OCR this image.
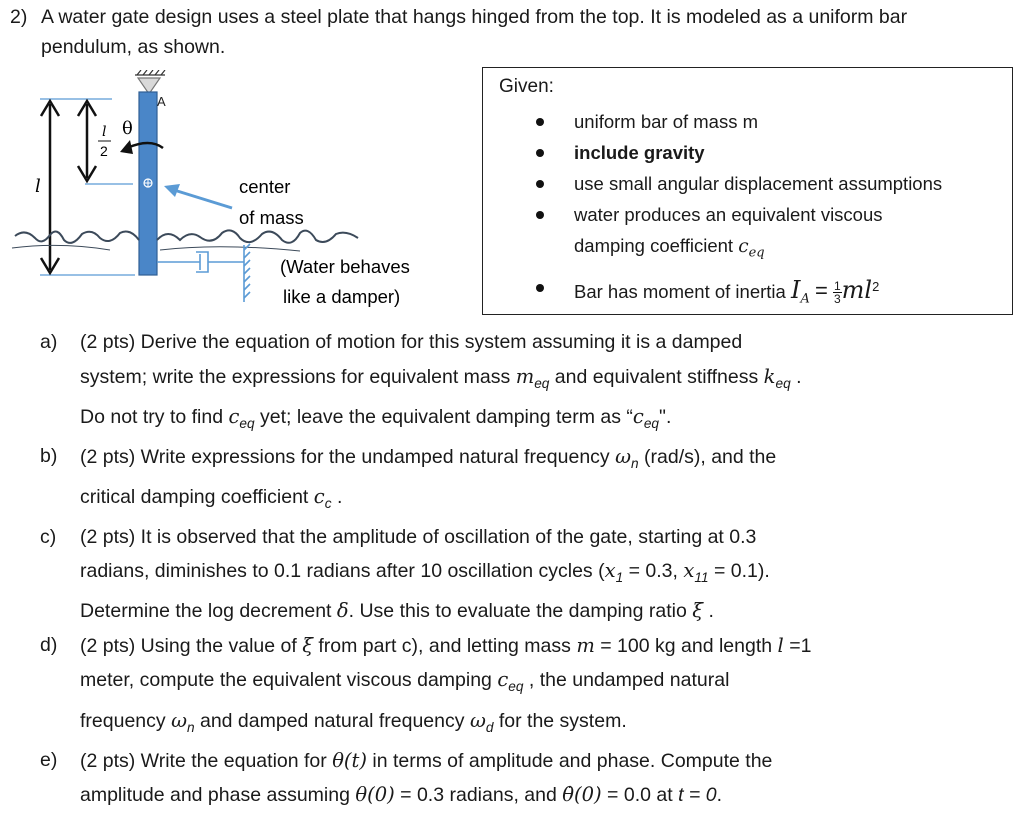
2) A water gate design uses a steel plate that hangs hinged from the top. It is modeled as a uniform bar pendulum, as shown.
A
l
l
2
θ
center
of mass
(Water behaves
like a damper)
Given:
uniform bar of mass m
include gravity
use small angular displacement assumptions
water produces an equivalent viscous
damping coefficient $c_{eq}$
Bar has moment of inertia $I_A = \frac{1}{3}ml^2$
a) (2 pts) Derive the equation of motion for this system assuming it is a damped
system; write the expressions for equivalent mass $m_{eq}$ and equivalent stiffness $k_{eq}$ .
Do not try to find $c_{eq}$ yet; leave the equivalent damping term as “$c_{eq}$".
b) (2 pts) Write expressions for the undamped natural frequency $\omega_n$ (rad/s), and the
critical damping coefficient $c_c$ .
c) (2 pts) It is observed that the amplitude of oscillation of the gate, starting at 0.3
radians, diminishes to 0.1 radians after 10 oscillation cycles ($x_1 = 0.3$, $x_{11} = 0.1$).
Determine the log decrement δ. Use this to evaluate the damping ratio ξ .
d) (2 pts) Using the value of ξ from part c), and letting mass m = 100 kg and length l =1
meter, compute the equivalent viscous damping $c_{eq}$ , the undamped natural
frequency $\omega_n$ and damped natural frequency $\omega_d$ for the system.
e) (2 pts) Write the equation for θ(t) in terms of amplitude and phase. Compute the
amplitude and phase assuming θ(0) = 0.3 radians, and θ̇(0) = 0.0 at t = 0.
